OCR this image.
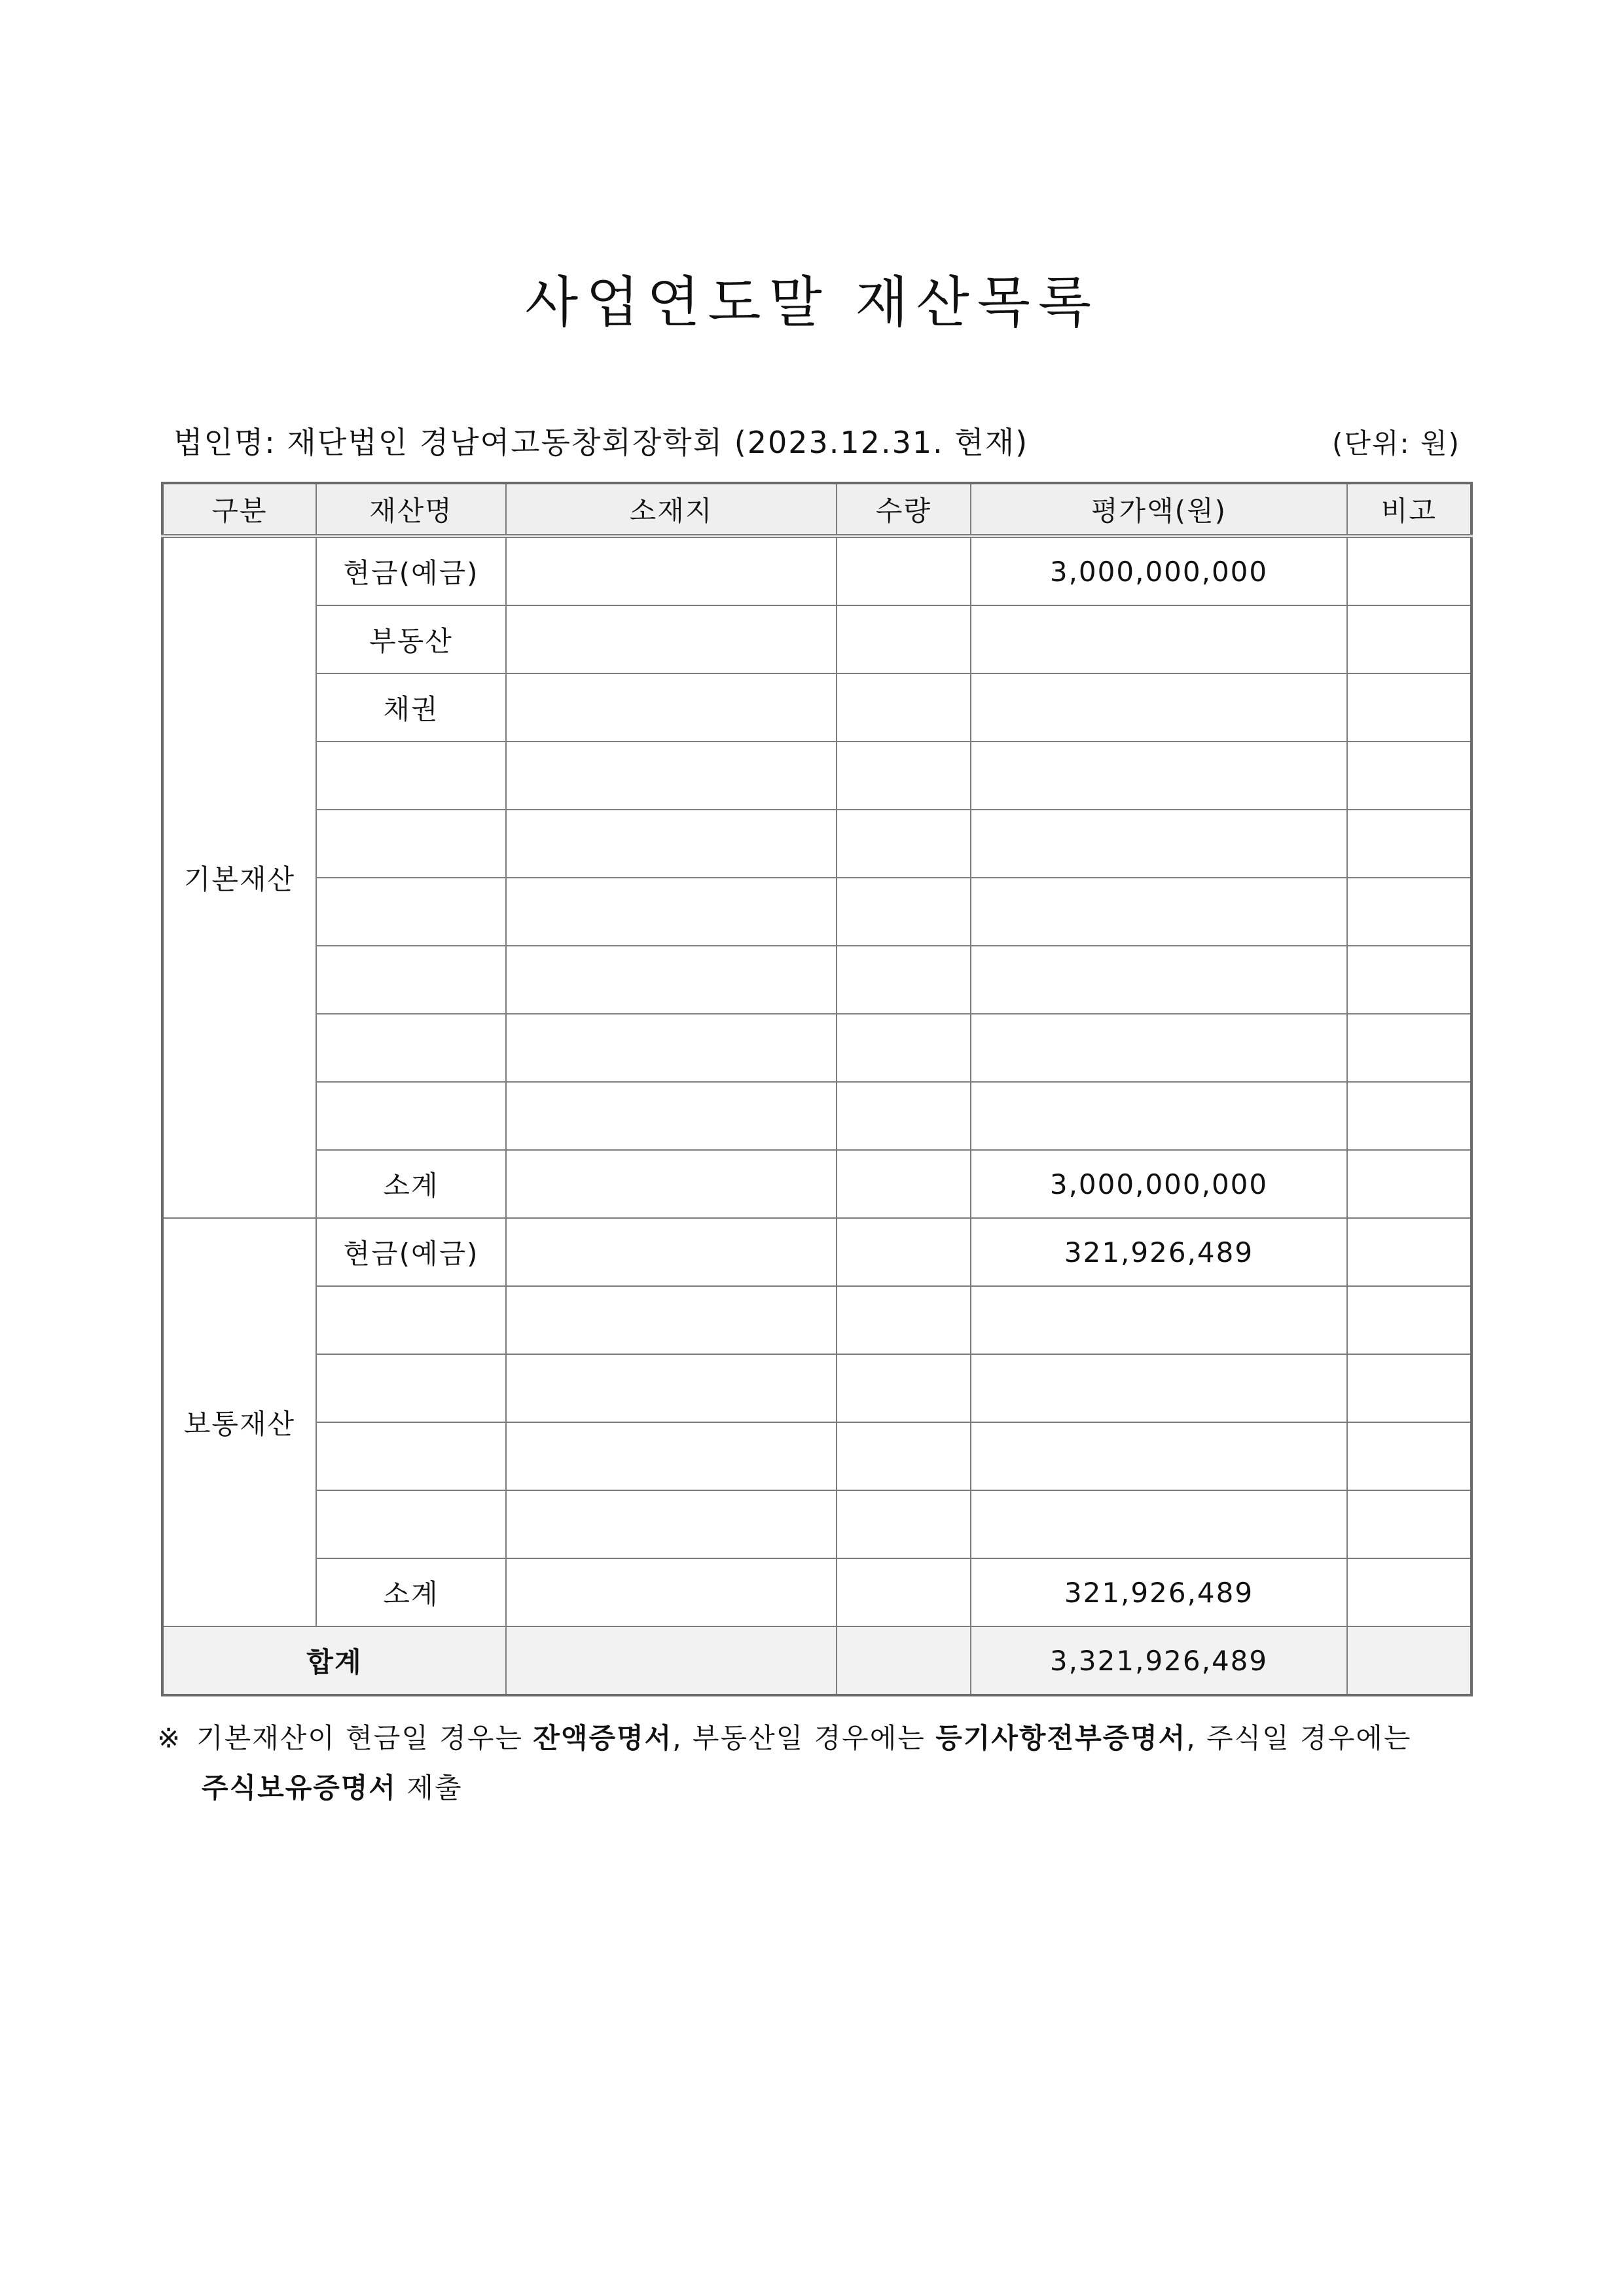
사업연도말 재산목록
법인명: 재단법인 경남여고동창회장학회 (2023.12.31. 현재)	(단위: 원)
구분	재산명	소재지	수량	평가액(원)	비고
기본재산	현금(예금)			3,000,000,000	
	부동산				
	채권				

	소계			3,000,000,000	
보통재산	현금(예금)			321,926,489	

	소계			321,926,489	
합계				3,321,926,489	
※ 기본재산이 현금일 경우는 잔액증명서, 부동산일 경우에는 등기사항전부증명서, 주식일 경우에는
주식보유증명서 제출
